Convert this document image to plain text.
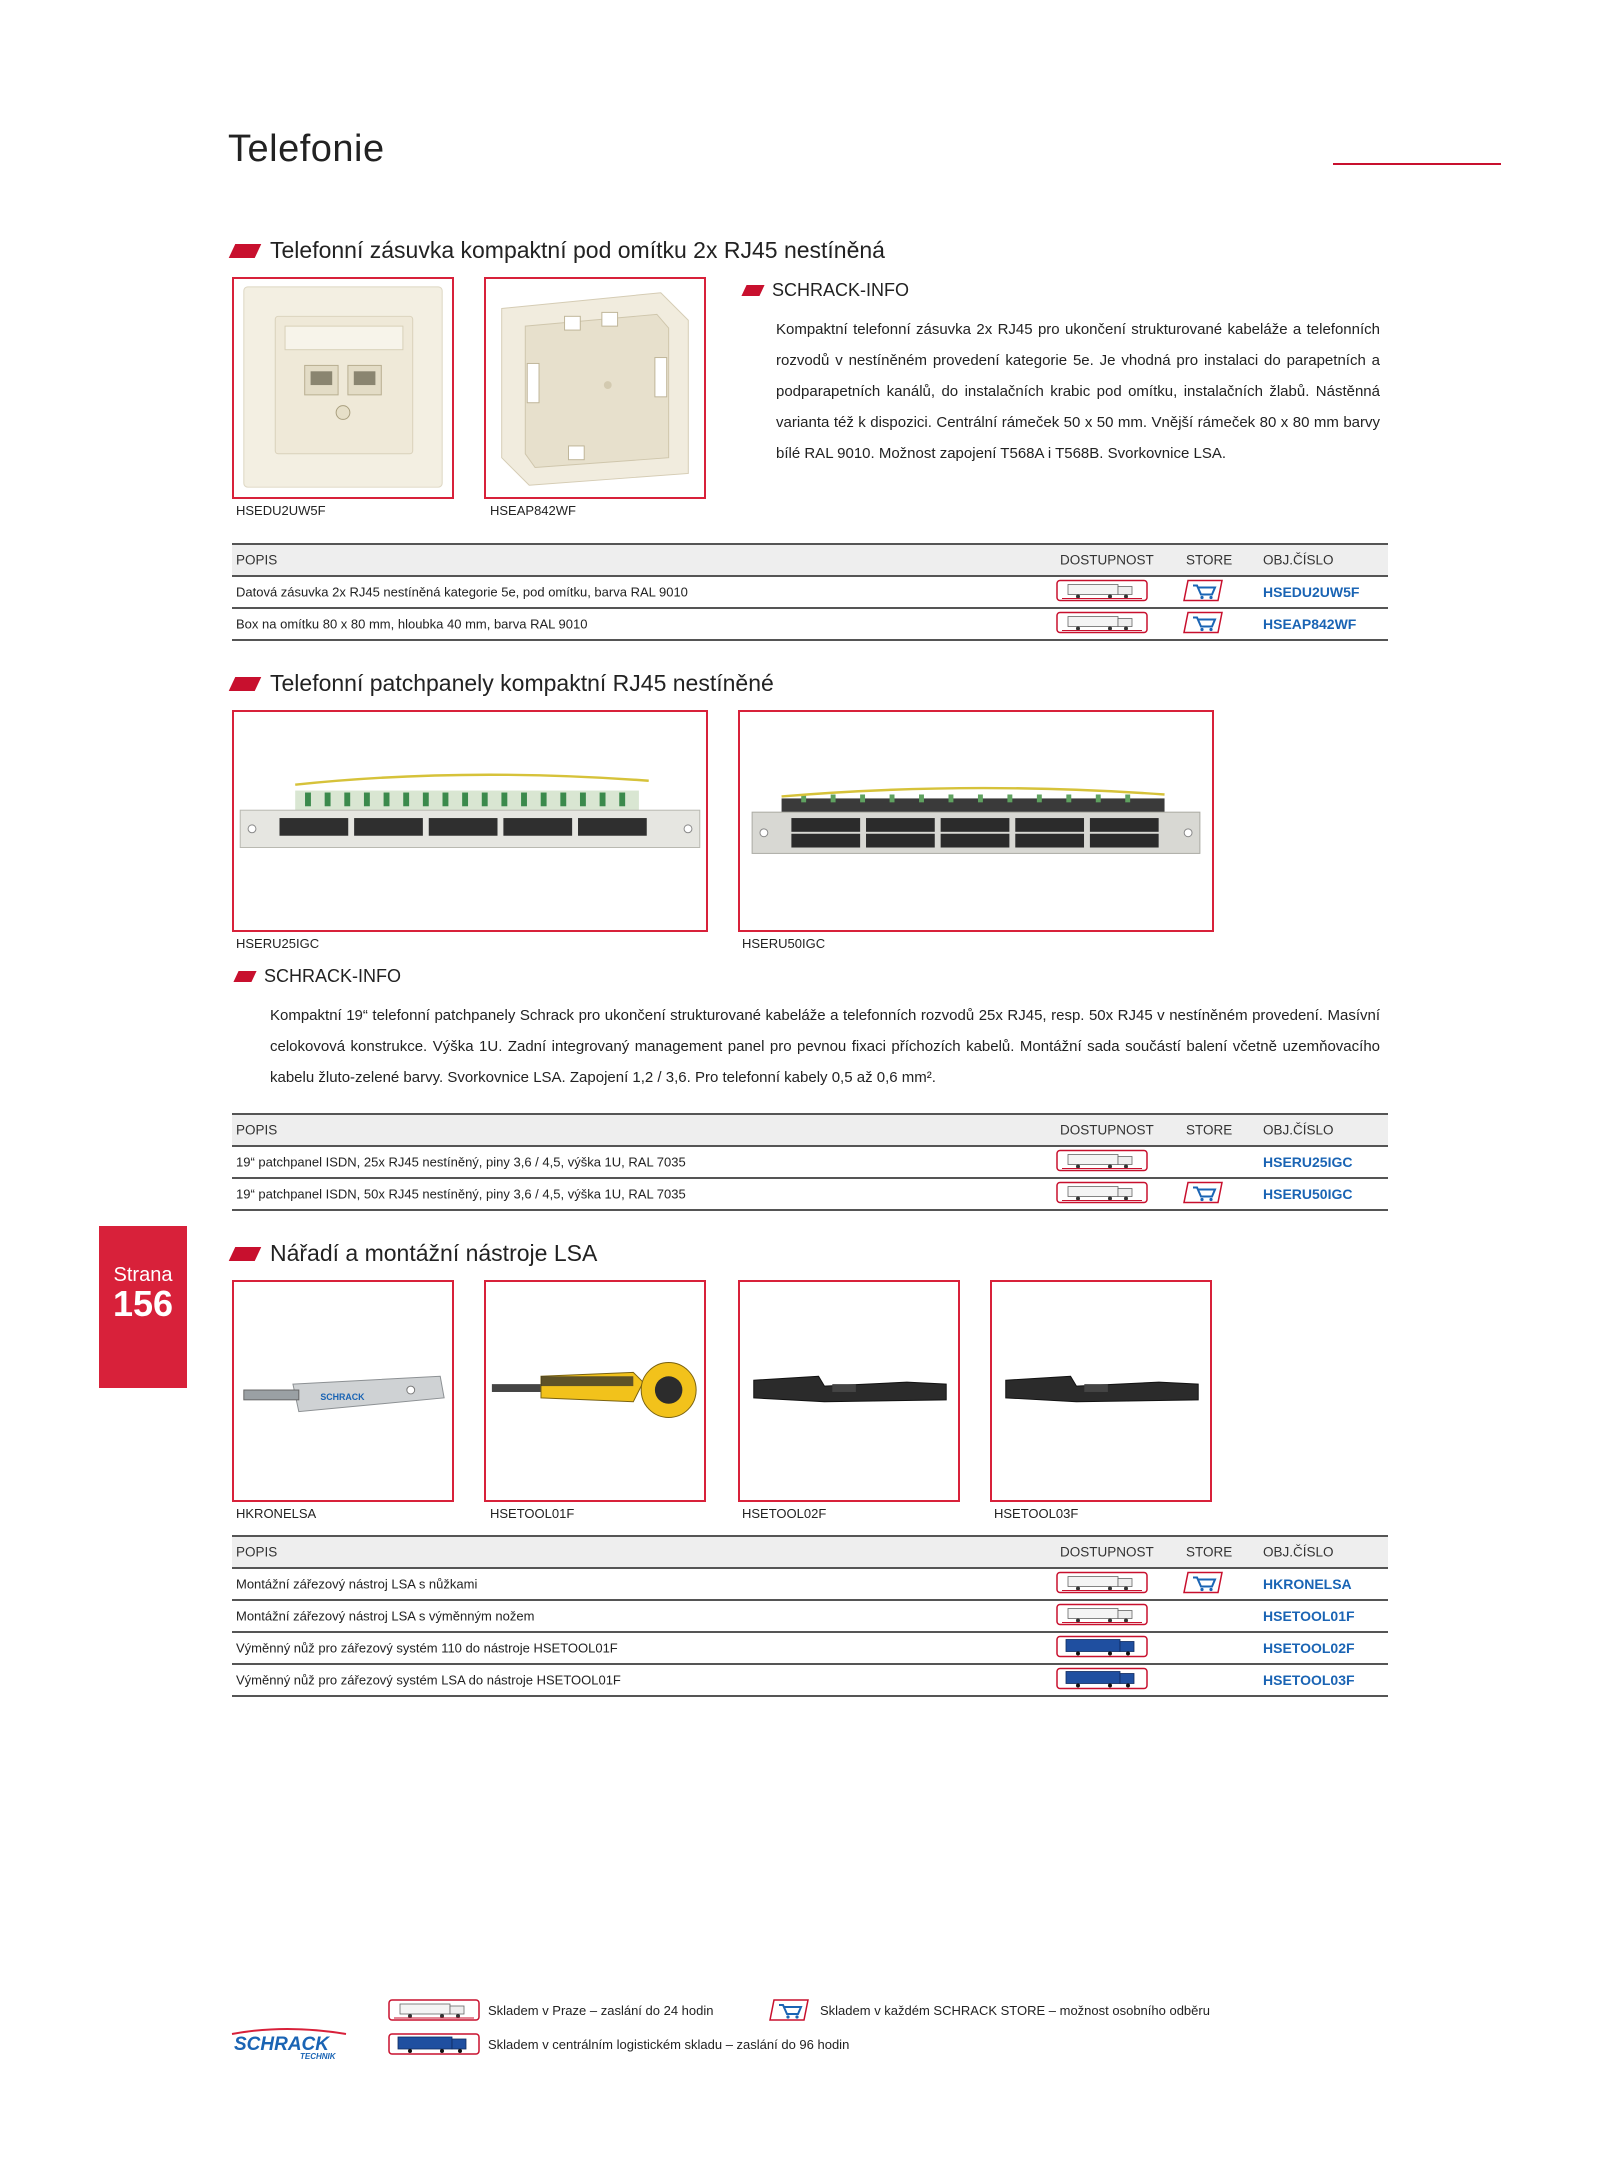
Telefonie
Telefonní zásuvka kompaktní pod omítku 2x RJ45 nestíněná
HSEDU2UW5F	HSEAP842WF
SCHRACK-INFO

Kompaktní telefonní zásuvka 2x RJ45 pro ukončení strukturované kabeláže a telefonních rozvodů v nestíněném provedení kategorie 5e. Je vhodná pro instalaci do parapetních a podparapetních kanálů, do instalačních krabic pod omítku, instalačních žlabů. Nástěnná varianta též k dispozici. Centrální rámeček 50 x 50 mm. Vnější rámeček 80 x 80 mm barvy bílé RAL 9010. Možnost zapojení T568A i T568B. Svorkovnice LSA.

POPIS	DOSTUPNOST STORE OBJ.ČÍSLO
Datová zásuvka 2x RJ45 nestíněná kategorie 5e, pod omítku, barva RAL 9010	HSEDU2UW5F
Box na omítku 80 x 80 mm, hloubka 40 mm, barva RAL 9010	HSEAP842WF
Telefonní patchpanely kompaktní RJ45 nestíněné
HSERU25IGC	HSERU50IGC
SCHRACK-INFO

Kompaktní 19“ telefonní patchpanely Schrack pro ukončení strukturované kabeláže a telefonních rozvodů 25x RJ45, resp. 50x RJ45 v nestíněném provedení. Masívní celokovová konstrukce. Výška 1U. Zadní integrovaný management panel pro pevnou fixaci příchozích kabelů. Montážní sada součástí balení včetně uzemňovacího kabelu žluto-zelené barvy. Svorkovnice LSA. Zapojení 1,2 / 3,6. Pro telefonní kabely 0,5 až 0,6 mm².

POPIS	DOSTUPNOST STORE OBJ.ČÍSLO
19“ patchpanel ISDN, 25x RJ45 nestíněný, piny 3,6 / 4,5, výška 1U, RAL 7035	HSERU25IGC
19“ patchpanel ISDN, 50x RJ45 nestíněný, piny 3,6 / 4,5, výška 1U, RAL 7035	HSERU50IGC
Strana
156
Nářadí a montážní nástroje LSA
SCHRACK
HKRONELSA	HSETOOL01F	HSETOOL02F	HSETOOL03F
POPIS	DOSTUPNOST STORE OBJ.ČÍSLO
Montážní zářezový nástroj LSA s nůžkami	HKRONELSA
Montážní zářezový nástroj LSA s výměnným nožem	HSETOOL01F
Výměnný nůž pro zářezový systém 110 do nástroje HSETOOL01F	HSETOOL02F
Výměnný nůž pro zářezový systém LSA do nástroje HSETOOL01F	HSETOOL03F
Skladem v Praze – zaslání do 24 hodin	Skladem v každém SCHRACK STORE – možnost osobního odběru
Skladem v centrálním logistickém skladu – zaslání do 96 hodin
SCHRACK
TECHNIK
